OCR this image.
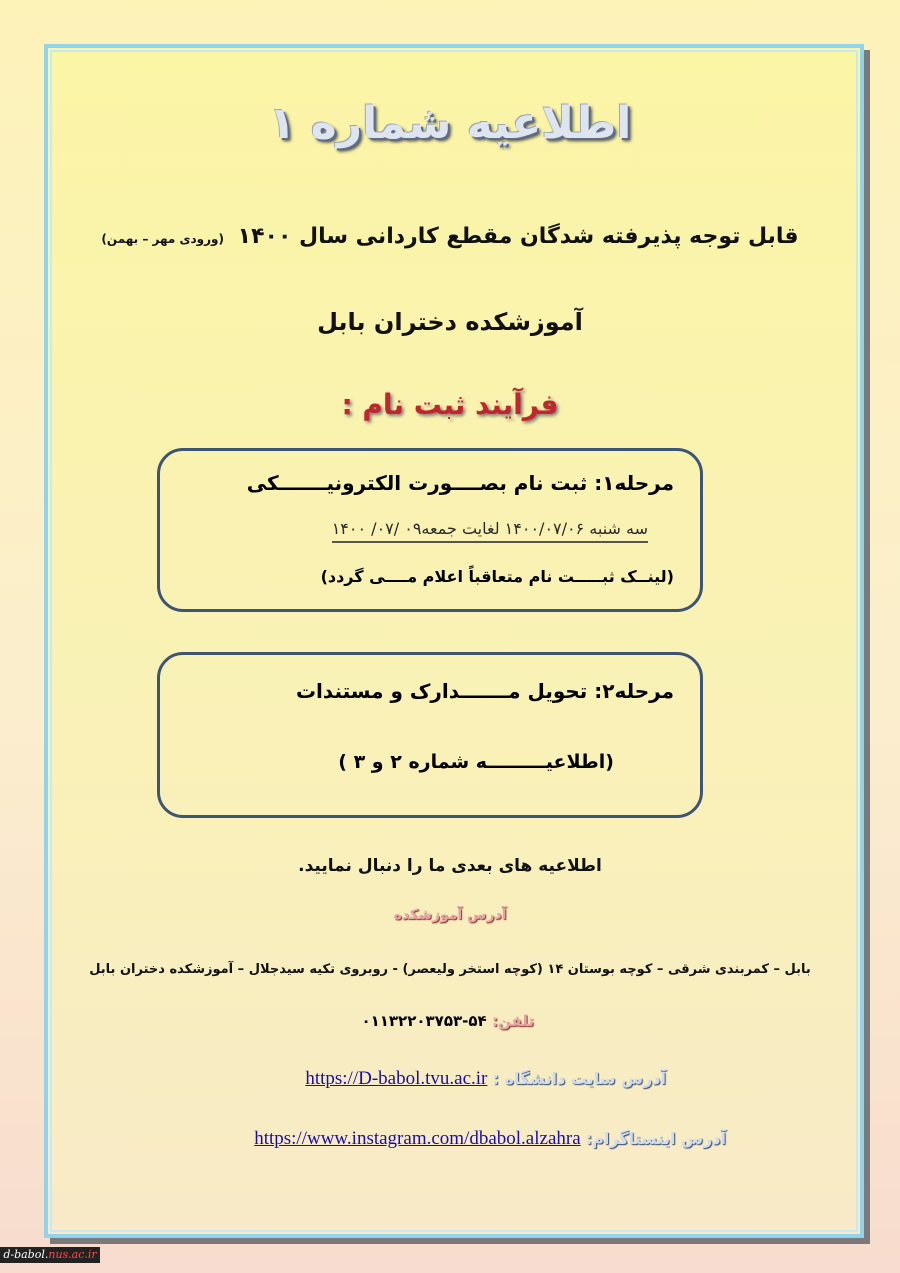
اطلاعیه شماره ۱
قابل توجه پذیرفته شدگان مقطع کاردانی سال ۱۴۰۰ (ورودی مهر – بهمن)
آموزشکده دختران بابل
فرآیند ثبت نام :
مرحله۱: ثبت نام بصــــورت الکترونیـــــــکی
سه شنبه ۱۴۰۰/۰۷/۰۶ لغایت جمعه۰۹ /۰۷/ ۱۴۰۰
(لینــک ثبـــــت نام متعاقباً اعلام مــــی گردد)
مرحله۲: تحویل مـــــــدارک و مستندات
(اطلاعیـــــــــه شماره ۲ و ۳ )
اطلاعیه های بعدی ما را دنبال نمایید.
آدرس آموزشکده
بابل – کمربندی شرقی – کوچه بوستان ۱۴ (کوچه استخر ولیعصر) - روبروی تکیه سیدجلال – آموزشکده دختران بابل
تلفن: ۵۴-۰۱۱۳۲۲۰۳۷۵۳
آدرس سایت دانشگاه : https://D-babol.tvu.ac.ir
آدرس اینستاگرام: https://www.instagram.com/dbabol.alzahra
d-babol.nus.ac.ir
